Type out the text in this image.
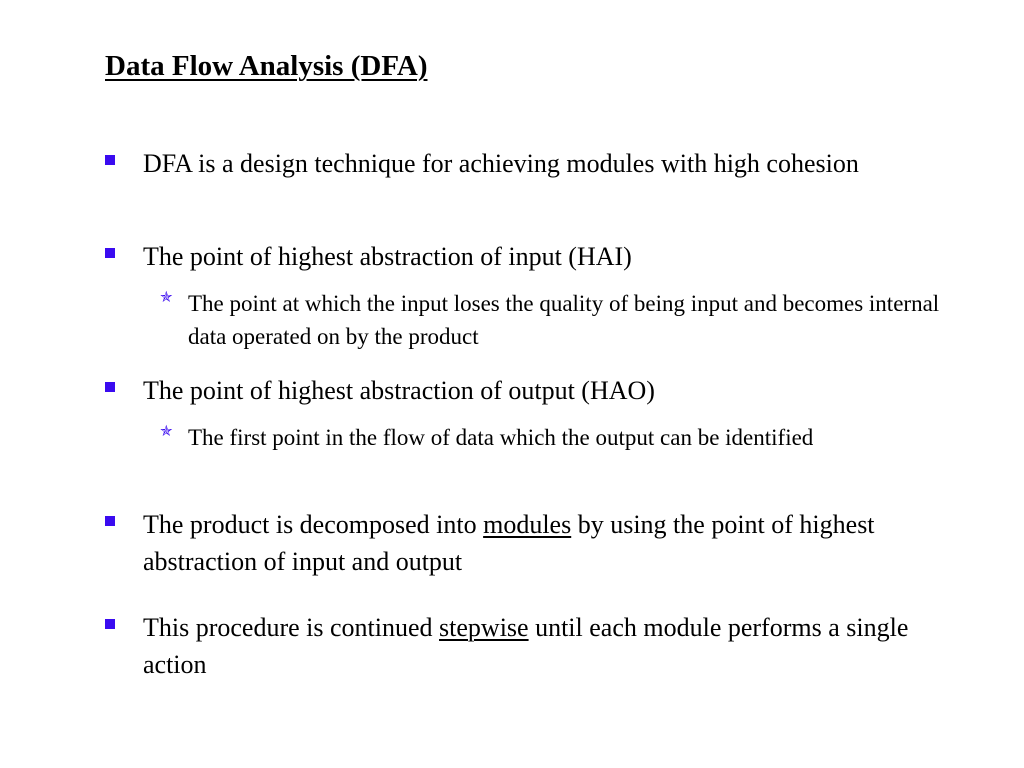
Data Flow Analysis (DFA)
DFA is a design technique for achieving modules with high cohesion
The point of highest abstraction of input (HAI)
✯ The point at which the input loses the quality of being input and becomes internal data operated on by the product
The point of highest abstraction of output (HAO)
✯ The first point in the flow of data which the output can be identified
The product is decomposed into modules by using the point of highest abstraction of input and output
This procedure is continued stepwise until each module performs a single action
